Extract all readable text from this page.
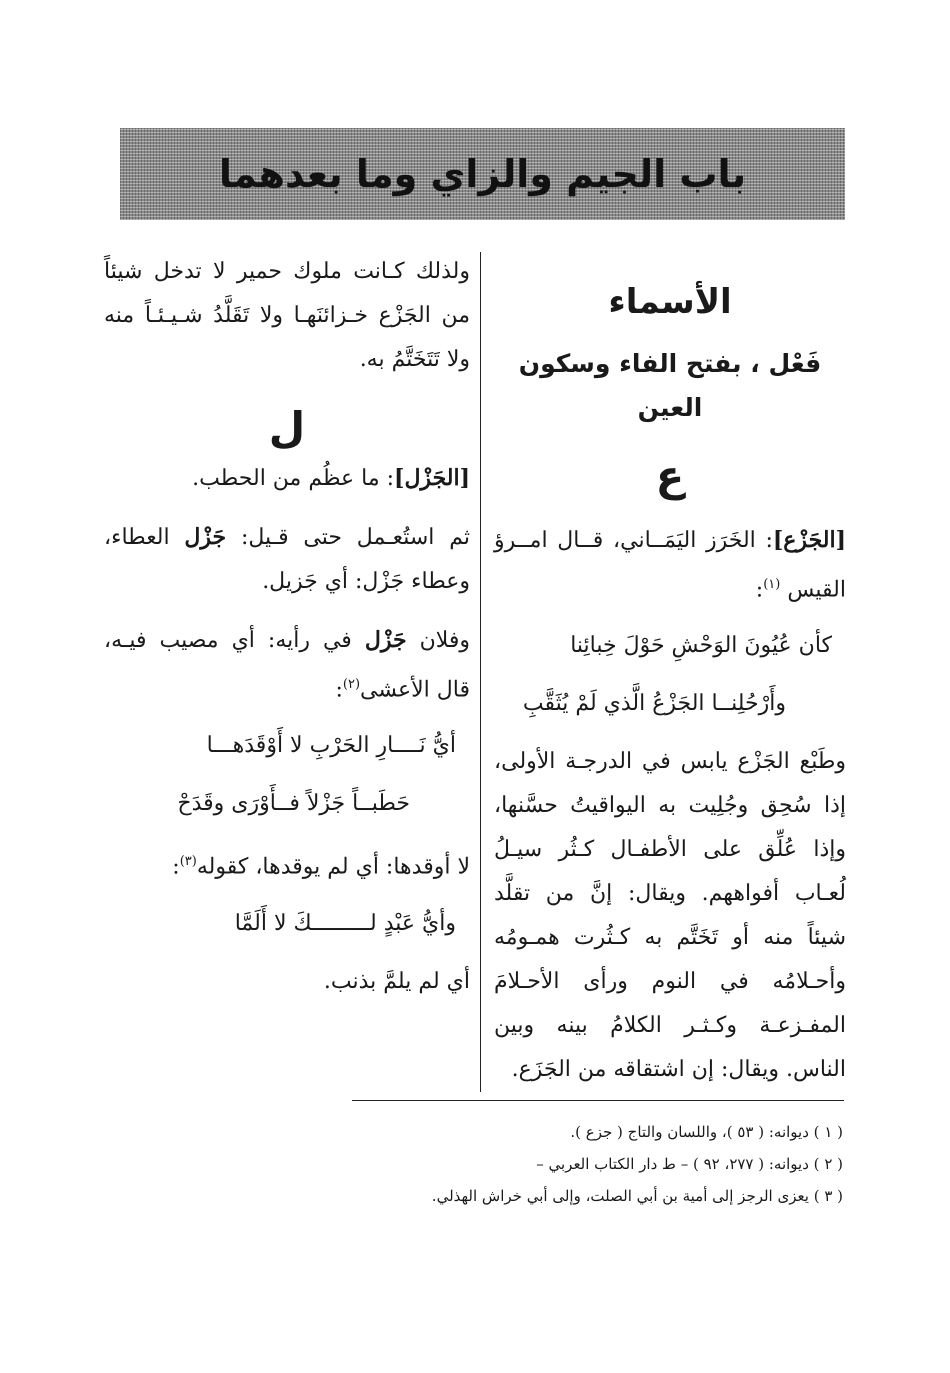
باب الجيم والزاي وما بعدهما

الأسماء

فَعْل ، بفتح الفاء وسكون العين

ع

[الجَزْع]: الخَرَز اليَمَــاني، قــال امــرؤ القيس $^{(١)}$:

كأن عُيُونَ الوَحْشِ حَوْلَ خِبائِنا

وأَرْحُلِنــا الجَزْعُ الَّذي لَمْ يُثَقَّبِ

وطَبْع الجَزْع يابس في الدرجـة الأولى، إذا سُحِق وجُلِيت به اليواقيتُ حسَّنها، وإذا عُلِّق على الأطفـال كـثُر سيـلُ لُعـاب أفواههم. ويقال: إنَّ من تقلَّد شيئاً منه أو تَخَتَّم به كـثُرت همـومُه وأحـلامُه في النوم ورأى الأحـلامَ المفـزعـة وكـثـر الكلامُ بينه وبين الناس. ويقال: إن اشتقاقه من الجَزَع.

ولذلك كـانت ملوك حمير لا تدخل شيئاً من الجَزْع خـزائنَهـا ولا تَقَلَّدُ شـيـئـاً منه ولا تَتَخَتَّمُ به.

ل

[الجَزْل]: ما عظُم من الحطب.

ثم استُعـمل حتى قـيل: جَزْل العطاء، وعطاء جَزْل: أي جَزيل.

وفلان جَزْل في رأيه: أي مصيب فيـه، قال الأعشى$^{(٢)}$:

أيُّ نَــــارِ الحَرْبِ لا أَوْقَدَهـــا

حَطَبــاً جَزْلاً فــأَوْرَى وقَدَحْ

لا أوقدها: أي لم يوقدها، كقوله$^{(٣)}$:

وأيُّ عَبْدٍ لـــــــــكَ لا أَلَمَّا

أي لم يلمَّ بذنب.

( ١ ) ديوانه: ( ٥٣ )، واللسان والتاج ( جزع ).

( ٢ ) ديوانه: ( ٢٧٧، ٩٢ ) – ط دار الكتاب العربي –

( ٣ ) يعزى الرجز إلى أمية بن أبي الصلت، وإلى أبي خراش الهذلي.
